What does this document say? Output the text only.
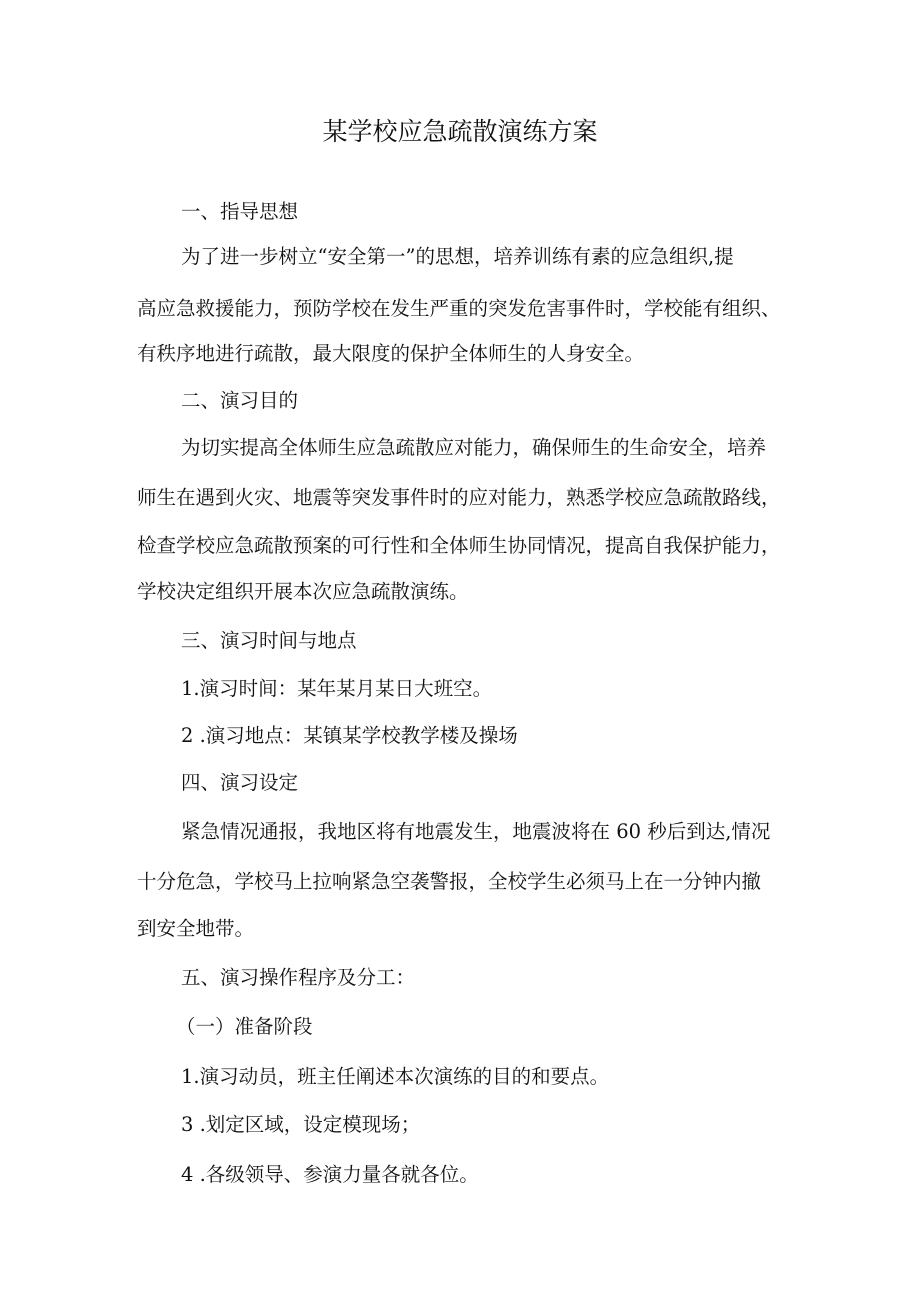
某学校应急疏散演练方案
一、指导思想
为了进一步树立“安全第一”的思想，培养训练有素的应急组织,提
高应急救援能力，预防学校在发生严重的突发危害事件时，学校能有组织、
有秩序地进行疏散，最大限度的保护全体师生的人身安全。
二、演习目的
为切实提高全体师生应急疏散应对能力，确保师生的生命安全，培养
师生在遇到火灾、地震等突发事件时的应对能力，熟悉学校应急疏散路线，
检查学校应急疏散预案的可行性和全体师生协同情况，提高自我保护能力，
学校决定组织开展本次应急疏散演练。
三、演习时间与地点
1.演习时间：某年某月某日大班空。
2 .演习地点：某镇某学校教学楼及操场
四、演习设定
紧急情况通报，我地区将有地震发生，地震波将在 60 秒后到达,情况
十分危急，学校马上拉响紧急空袭警报，全校学生必须马上在一分钟内撤
到安全地带。
五、演习操作程序及分工：
（一）准备阶段
1.演习动员，班主任阐述本次演练的目的和要点。
3 .划定区域，设定模现场；
4 .各级领导、参演力量各就各位。
